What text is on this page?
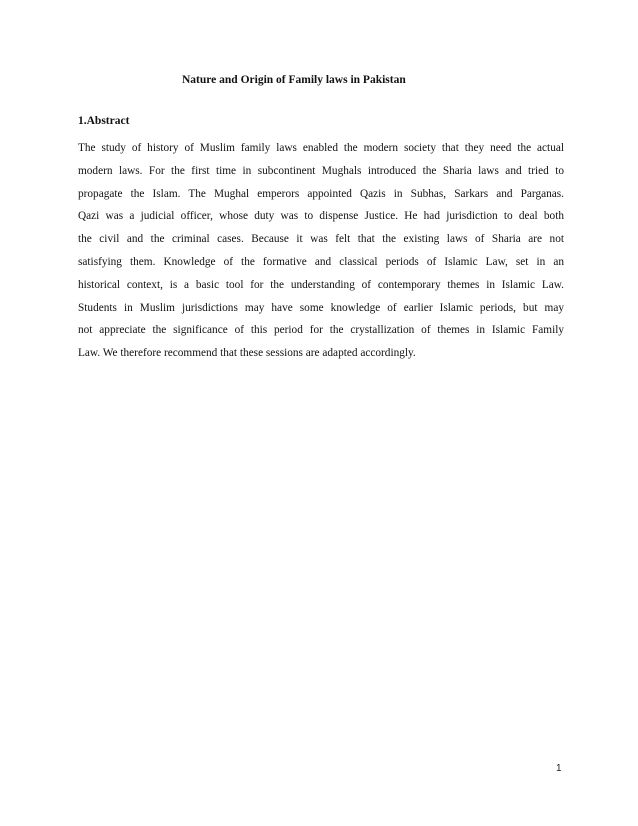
Nature and Origin of Family laws in Pakistan
1.Abstract

The study of history of Muslim family laws enabled the modern society that they need the actual
modern laws. For the first time in subcontinent Mughals introduced the Sharia laws and tried to
propagate the Islam. The Mughal emperors appointed Qazis in Subhas, Sarkars and Parganas.
Qazi was a judicial officer, whose duty was to dispense Justice. He had jurisdiction to deal both
the civil and the criminal cases. Because it was felt that the existing laws of Sharia are not
satisfying them. Knowledge of the formative and classical periods of Islamic Law, set in an
historical context, is a basic tool for the understanding of contemporary themes in Islamic Law.
Students in Muslim jurisdictions may have some knowledge of earlier Islamic periods, but may
not appreciate the significance of this period for the crystallization of themes in Islamic Family
Law. We therefore recommend that these sessions are adapted accordingly.

1
